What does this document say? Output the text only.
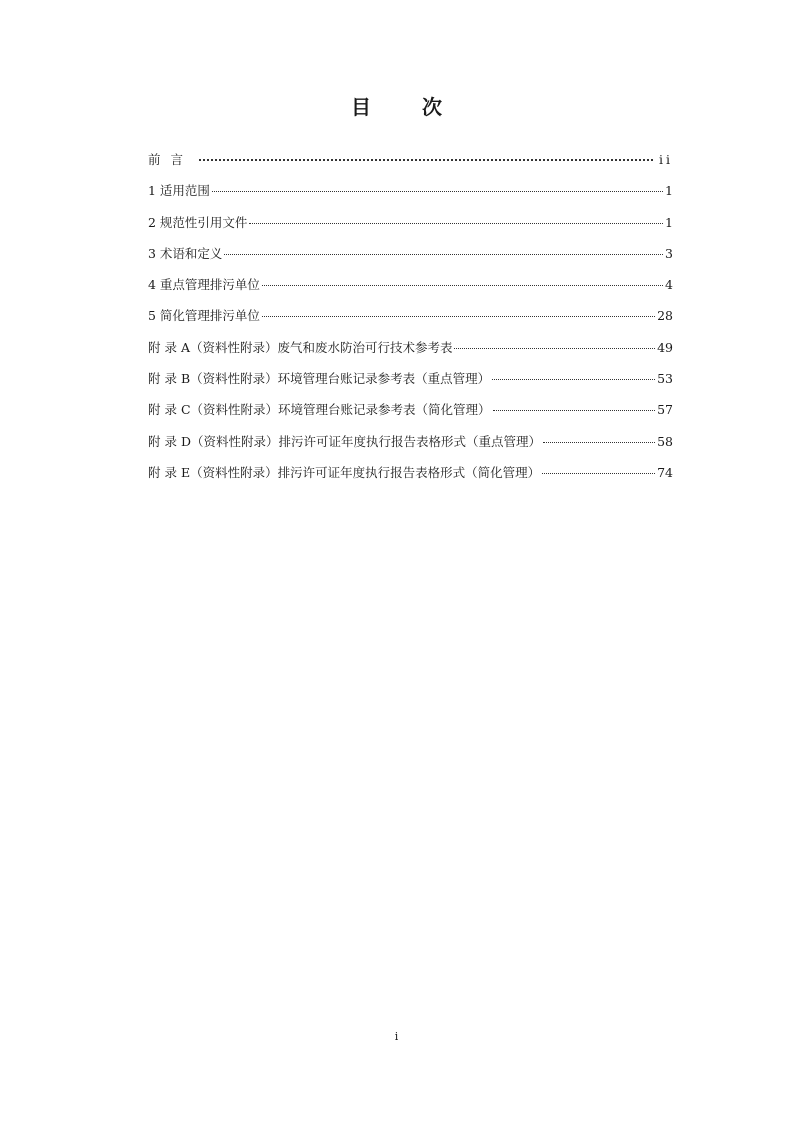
目 次
前言	ii
1 适用范围	1
2 规范性引用文件	1
3 术语和定义	3
4 重点管理排污单位	4
5 简化管理排污单位	28
附 录 A（资料性附录）废气和废水防治可行技术参考表	49
附 录 B（资料性附录）环境管理台账记录参考表（重点管理）	53
附 录 C（资料性附录）环境管理台账记录参考表（简化管理）	57
附 录 D（资料性附录）排污许可证年度执行报告表格形式（重点管理）	58
附 录 E（资料性附录）排污许可证年度执行报告表格形式（简化管理）	74
i
